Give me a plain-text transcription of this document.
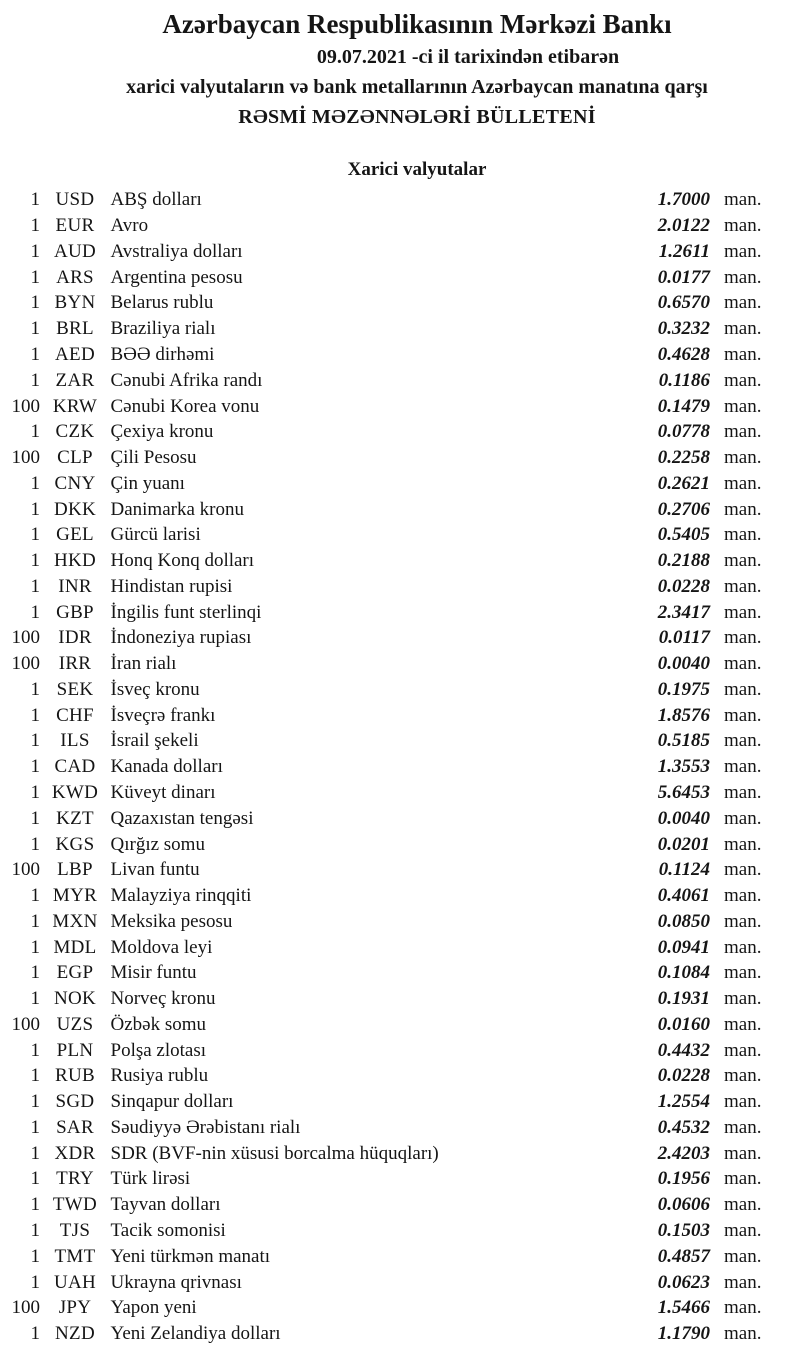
Azərbaycan Respublikasının Mərkəzi Bankı
09.07.2021 -ci il tarixindən etibarən
xarici valyutaların və bank metallarının Azərbaycan manatına qarşı
RƏSMİ MƏZƏNNƏLƏRİ BÜLLETENİ
Xarici valyutalar
1 USD ABŞ dolları	1.7000 man.
1 EUR Avro	2.0122 man.
1 AUD Avstraliya dolları	1.2611 man.
1 ARS Argentina pesosu	0.0177 man.
1 BYN Belarus rublu	0.6570 man.
1 BRL Braziliya rialı	0.3232 man.
1 AED BƏƏ dirhəmi	0.4628 man.
1 ZAR Cənubi Afrika randı	0.1186 man.
100 KRW Cənubi Korea vonu	0.1479 man.
1 CZK Çexiya kronu	0.0778 man.
100 CLP Çili Pesosu	0.2258 man.
1 CNY Çin yuanı	0.2621 man.
1 DKK Danimarka kronu	0.2706 man.
1 GEL Gürcü larisi	0.5405 man.
1 HKD Honq Konq dolları	0.2188 man.
1 INR Hindistan rupisi	0.0228 man.
1 GBP İngilis funt sterlinqi	2.3417 man.
100 IDR İndoneziya rupiası	0.0117 man.
100 IRR	İran rialı	0.0040 man.
1 SEK İsveç kronu	0.1975 man.
1 CHF İsveçrə frankı	1.8576 man.
1	ILS	İsrail şekeli	0.5185 man.
1 CAD Kanada dolları	1.3553 man.
1 KWD Küveyt dinarı	5.6453 man.
1 KZT Qazaxıstan tengəsi	0.0040 man.
1 KGS Qırğız somu	0.0201 man.
100 LBP Livan funtu	0.1124 man.
1 MYR Malayziya rinqqiti	0.4061 man.
1 MXN Meksika pesosu	0.0850 man.
1 MDL Moldova leyi	0.0941 man.
1 EGP Misir funtu	0.1084 man.
1 NOK Norveç kronu	0.1931 man.
100 UZS Özbək somu	0.0160 man.
1 PLN Polşa zlotası	0.4432 man.
1 RUB Rusiya rublu	0.0228 man.
1 SGD Sinqapur dolları	1.2554 man.
1 SAR Səudiyyə Ərəbistanı rialı	0.4532 man.
1 XDR SDR (BVF-nin xüsusi borcalma hüquqları)	2.4203 man.
1 TRY Türk lirəsi	0.1956 man.
1 TWD Tayvan dolları	0.0606 man.
1	TJS	Tacik somonisi	0.1503 man.
1 TMT Yeni türkmən manatı	0.4857 man.
1 UAH Ukrayna qrivnası	0.0623 man.
100 JPY	Yapon yeni	1.5466 man.
1 NZD Yeni Zelandiya dolları	1.1790 man.
